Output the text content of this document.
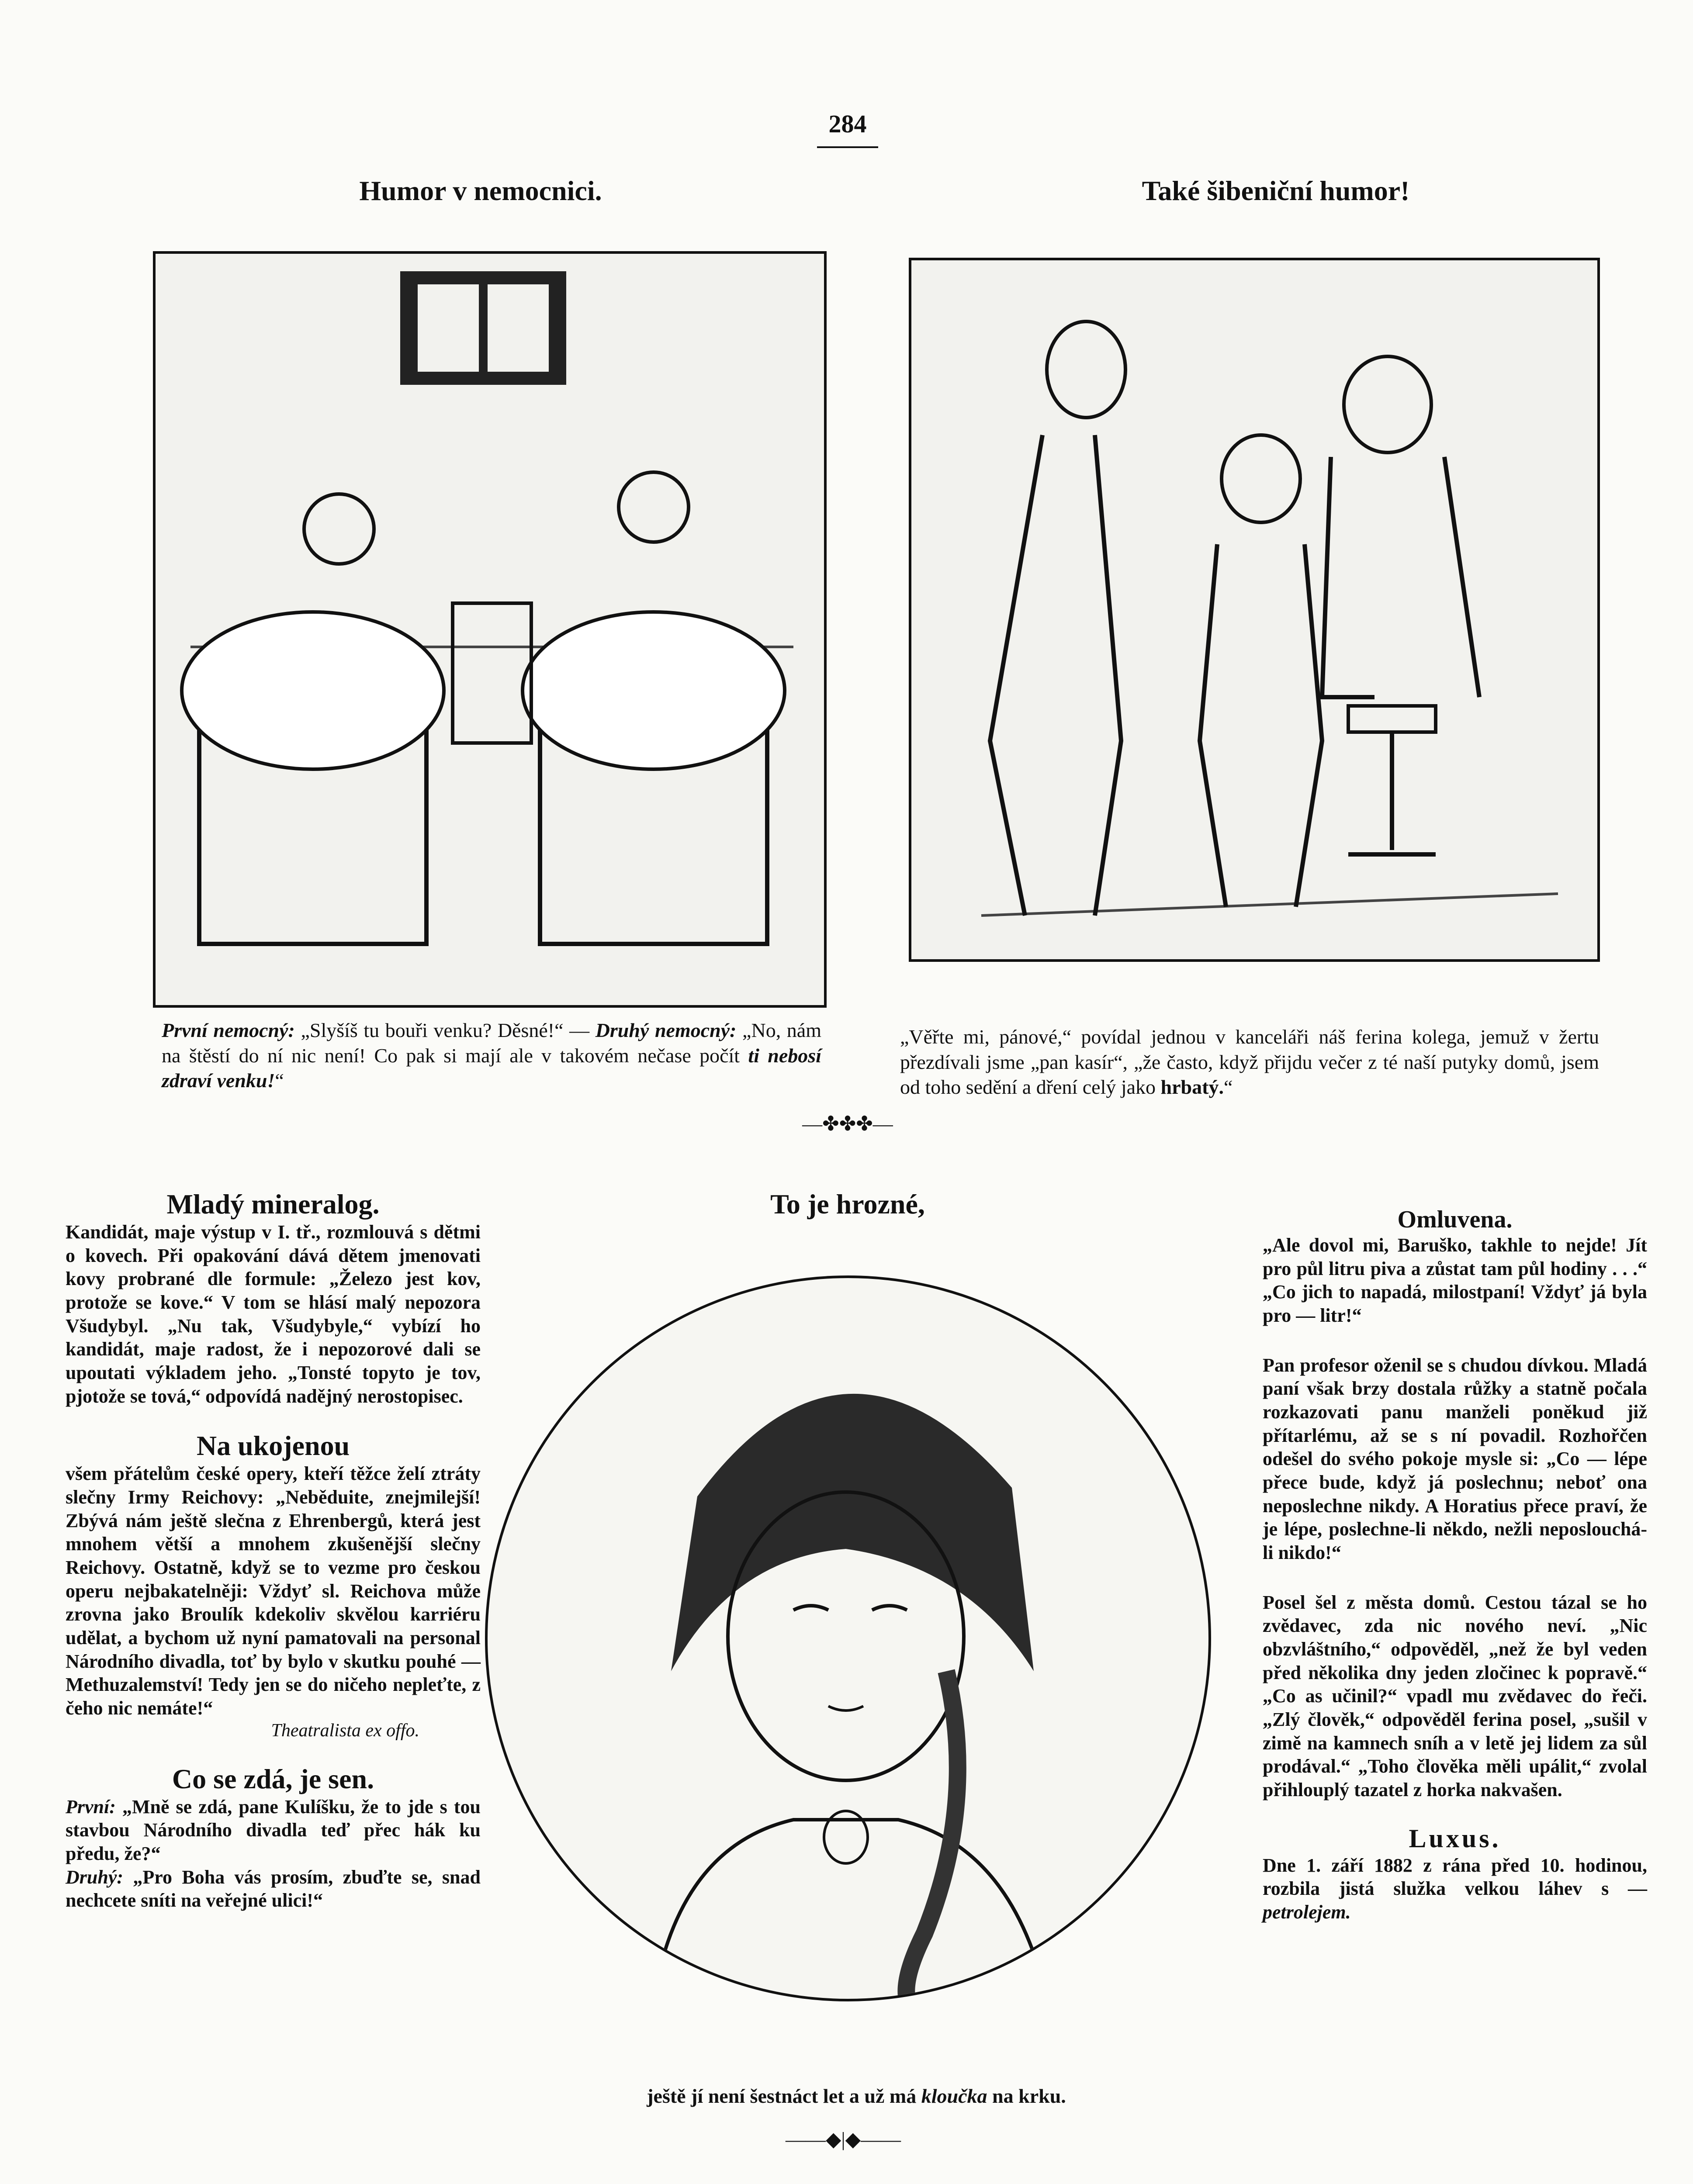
284
Humor v nemocnici.
První nemocný: „Slyšíš tu bouři venku? Děsné!“ — Druhý nemocný: „No, nám na štěstí do ní nic není! Co pak si mají ale v takovém nečase počít ti nebosí zdraví venku!“
Také šibeniční humor!
„Věřte mi, pánové,“ povídal jednou v kanceláři náš ferina kolega, jemuž v žertu přezdívali jsme „pan kasír“, „že často, když přijdu večer z té naší putyky domů, jsem od toho sedění a dření celý jako hrbatý.“
—✤✤✤—
Mladý mineralog.
Kandidát, maje výstup v I. tř., rozmlouvá s dětmi o kovech. Při opakování dává dětem jmenovati kovy probrané dle formule: „Železo jest kov, protože se kove.“ V tom se hlásí malý nepozora Všudybyl. „Nu tak, Všudybyle,“ vybízí ho kandidát, maje radost, že i nepozorové dali se upoutati výkladem jeho. „Tonsté topyto je tov, pjotože se tová,“ odpovídá nadějný nerostopisec.
Na ukojenou
všem přátelům české opery, kteří těžce želí ztráty slečny Irmy Reichovy: „Neběduite, znejmilejší! Zbývá nám ještě slečna z Ehrenbergů, která jest mnohem větší a mnohem zkušenější slečny Reichovy. Ostatně, když se to vezme pro českou operu nejbakatelněji: Vždyť sl. Reichova může zrovna jako Broulík kdekoliv skvělou karriéru udělat, a bychom už nyní pamatovali na personal Národního divadla, toť by bylo v skutku pouhé — Methuzalemství! Tedy jen se do ničeho nepleťte, z čeho nic nemáte!“
Theatralista ex offo.
Co se zdá, je sen.
První: „Mně se zdá, pane Kulíšku, že to jde s tou stavbou Národního divadla teď přec hák ku předu, že?“
Druhý: „Pro Boha vás prosím, zbuďte se, snad nechcete sníti na veřejné ulici!“
To je hrozné,
ještě jí není šestnáct let a už má kloučka na krku.
——◆|◆——
Omluvena.
„Ale dovol mi, Baruško, takhle to nejde! Jít pro půl litru piva a zůstat tam půl hodiny . . .“ „Co jich to napadá, milostpaní! Vždyť já byla pro — litr!“
Pan profesor oženil se s chudou dívkou. Mladá paní však brzy dostala růžky a statně počala rozkazovati panu manželi poněkud již přítarlému, až se s ní povadil. Rozhořčen odešel do svého pokoje mysle si: „Co — lépe přece bude, když já poslechnu; neboť ona neposlechne nikdy. A Horatius přece praví, že je lépe, poslechne-li někdo, nežli neposlouchá-li nikdo!“
Posel šel z města domů. Cestou tázal se ho zvědavec, zda nic nového neví. „Nic obzvláštního,“ odpověděl, „než že byl veden před několika dny jeden zločinec k popravě.“ „Co as učinil?“ vpadl mu zvědavec do řeči. „Zlý člověk,“ odpověděl ferina posel, „sušil v zimě na kamnech sníh a v letě jej lidem za sůl prodával.“ „Toho člověka měli upálit,“ zvolal přihlouplý tazatel z horka nakvašen.
Luxus.
Dne 1. září 1882 z rána před 10. hodinou, rozbila jistá služka velkou láhev s — petrolejem.
